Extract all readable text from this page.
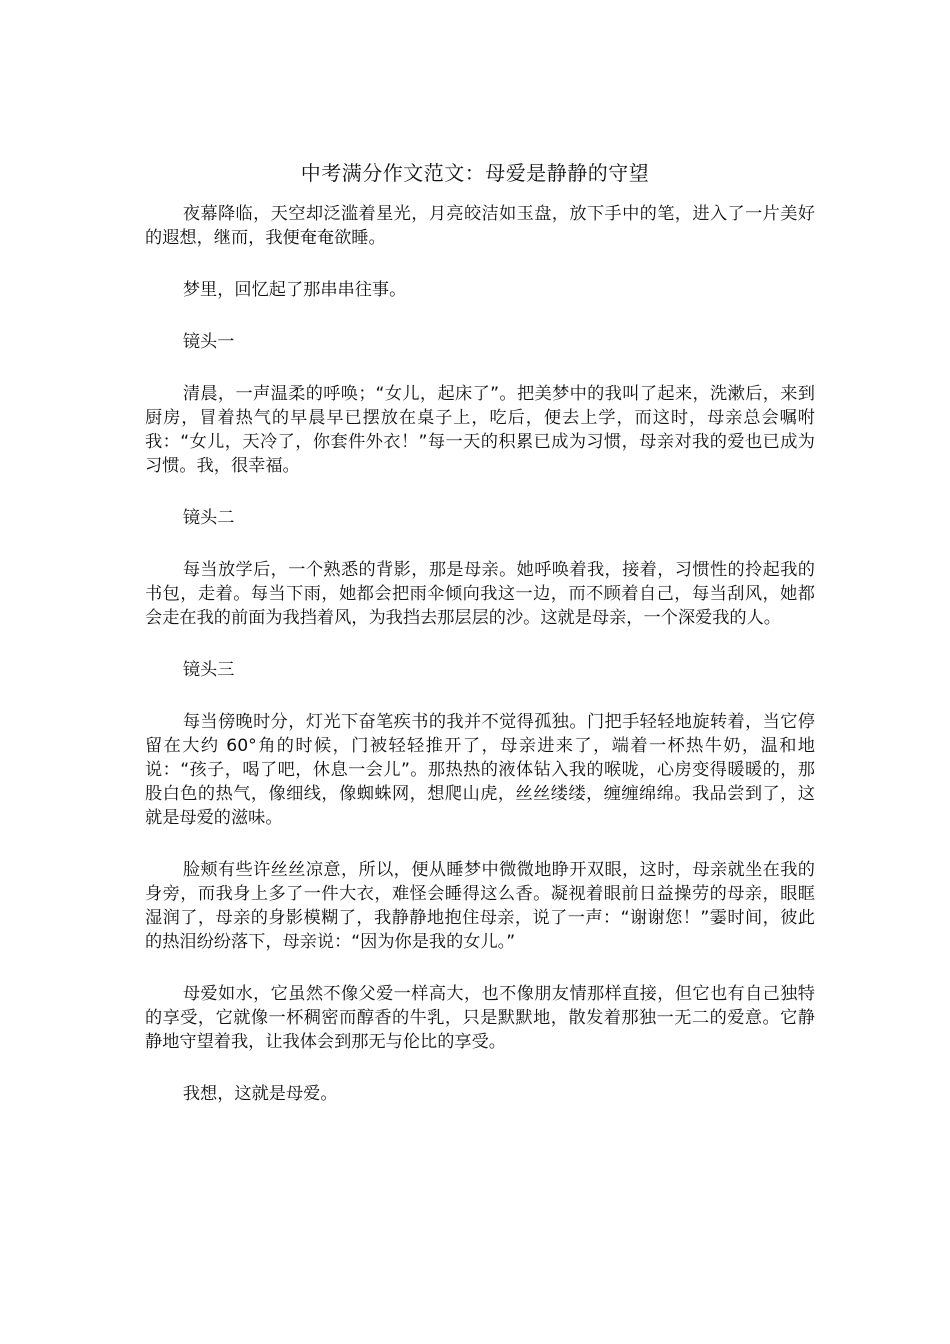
中考满分作文范文：母爱是静静的守望

夜幕降临，天空却泛滥着星光，月亮皎洁如玉盘，放下手中的笔，进入了一片美好的遐想，继而，我便奄奄欲睡。

梦里，回忆起了那串串往事。

镜头一

清晨，一声温柔的呼唤；“女儿，起床了”。把美梦中的我叫了起来，洗漱后，来到厨房，冒着热气的早晨早已摆放在桌子上，吃后，便去上学，而这时，母亲总会嘱咐我：“女儿，天冷了，你套件外衣！”每一天的积累已成为习惯，母亲对我的爱也已成为习惯。我，很幸福。

镜头二

每当放学后，一个熟悉的背影，那是母亲。她呼唤着我，接着，习惯性的拎起我的书包，走着。每当下雨，她都会把雨伞倾向我这一边，而不顾着自己，每当刮风，她都会走在我的前面为我挡着风，为我挡去那层层的沙。这就是母亲，一个深爱我的人。

镜头三

每当傍晚时分，灯光下奋笔疾书的我并不觉得孤独。门把手轻轻地旋转着，当它停留在大约 60°角的时候，门被轻轻推开了，母亲进来了，端着一杯热牛奶，温和地说：“孩子，喝了吧，休息一会儿”。那热热的液体钻入我的喉咙，心房变得暖暖的，那股白色的热气，像细线，像蜘蛛网，想爬山虎，丝丝缕缕，缠缠绵绵。我品尝到了，这就是母爱的滋味。

脸颊有些许丝丝凉意，所以，便从睡梦中微微地睁开双眼，这时，母亲就坐在我的身旁，而我身上多了一件大衣，难怪会睡得这么香。凝视着眼前日益操劳的母亲，眼眶湿润了，母亲的身影模糊了，我静静地抱住母亲，说了一声：“谢谢您！”霎时间，彼此的热泪纷纷落下，母亲说：“因为你是我的女儿。”

母爱如水，它虽然不像父爱一样高大，也不像朋友情那样直接，但它也有自己独特的享受，它就像一杯稠密而醇香的牛乳，只是默默地，散发着那独一无二的爱意。它静静地守望着我，让我体会到那无与伦比的享受。

我想，这就是母爱。
